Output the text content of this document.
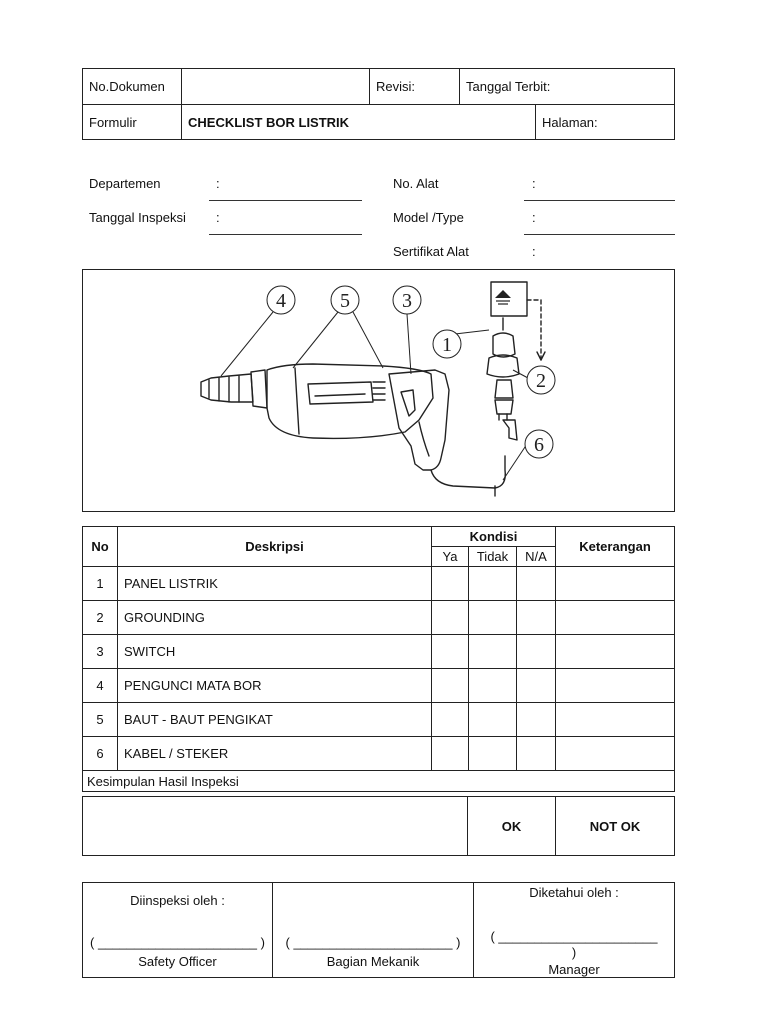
No.Dokumen		Revisi:	Tanggal Terbit:	
Formulir	CHECKLIST BOR LISTRIK			Halaman:
Departemen	:
Tanggal Inspeksi :
No. Alat	:
Model /Type	:
Sertifikat Alat	:
4	5	3
1
2
6
No	Deskripsi	Kondisi			Keterangan
		Ya	Tidak	N/A	
1	PANEL LISTRIK				
2	GROUNDING				
3	SWITCH				
4	PENGUNCI MATA BOR				
5	BAUT - BAUT PENGIKAT				
6	KABEL / STEKER				
Kesimpulan Hasil Inspeksi					
	OK	NOT OK
Diinspeksi oleh :
( ______________________ )
Safety Officer

( ______________________ )
Bagian Mekanik

Diketahui oleh :
( ______________________
)
Manager
